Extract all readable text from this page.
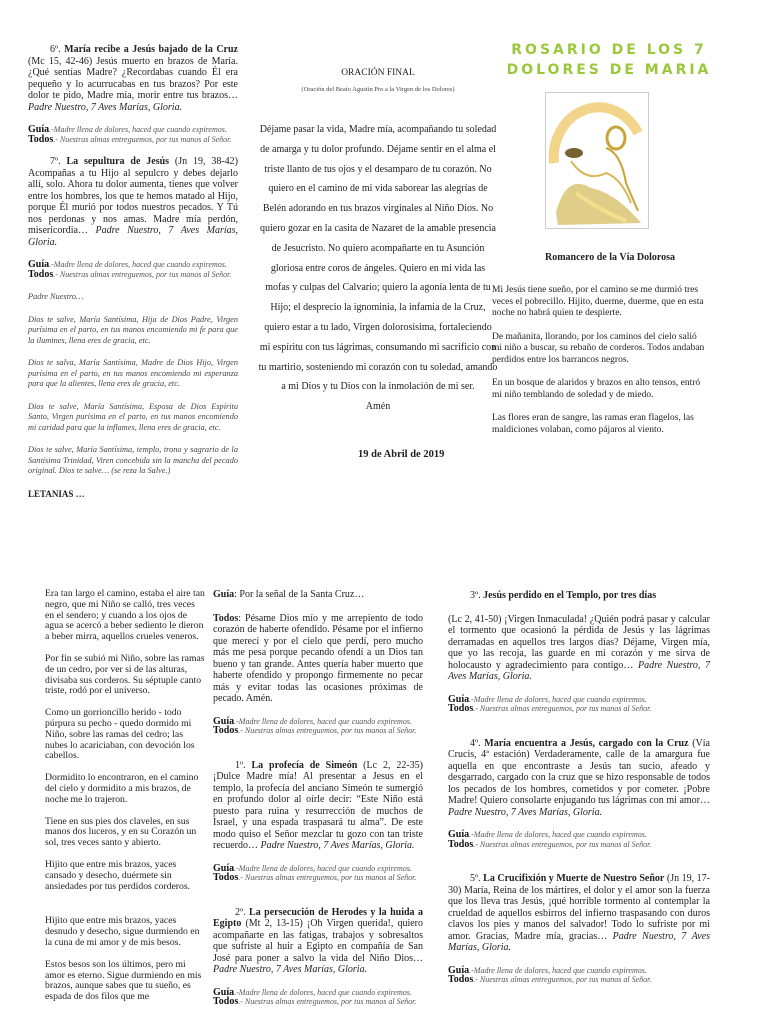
6º. María recibe a Jesús bajado de la Cruz (Mc 15, 42-46) Jesús muerto en brazos de María. ¿Qué sentías Madre? ¿Recordabas cuando Él era pequeño y lo acurrucabas en tus brazos? Por este dolor te pido, Madre mía, morir entre tus brazos… Padre Nuestro, 7 Aves Marías, Gloria.

Guía.-Madre llena de dolores, haced que cuando expiremos.
Todos.- Nuestras almas entreguemos, por tus manos al Señor.

7º. La sepultura de Jesús (Jn 19, 38-42) Acompañas a tu Hijo al sepulcro y debes dejarlo allí, solo. Ahora tu dolor aumenta, tienes que volver entre los hombres, los que te hemos matado al Hijo, porque Él murió por todos nuestros pecados. Y Tú nos perdonas y nos amas. Madre mía perdón, misericordia… Padre Nuestro, 7 Aves Marías, Gloria.

Guía.-Madre llena de dolores, haced que cuando expiremos.
Todos.- Nuestras almas entreguemos, por tus manos al Señor.

Padre Nuestro…

Dios te salve, María Santísima, Hija de Dios Padre, Virgen purísima en el parto, en tus manos encomiendo mi fe para que la ilumines, llena eres de gracia, etc.

Dios te salva, María Santísima, Madre de Dios Hijo, Virgen purísima en el parto, en tus manos encomiendo mi esperanza para que la alientes, llena eres de gracia, etc.

Dios te salve, María Santísima, Esposa de Dios Espíritu Santo, Virgen purísima en el parto, en tus manos encomiendo mi caridad para que la inflames, llena eres de gracia, etc.

Dios te salve, María Santísima, templo, trono y sagrario de la Santísima Trinidad, Viren concebida sin la mancha del pecado original. Dios te salve… (se reza la Salve.)

LETANIAS …
ORACIÓN FINAL
(Oración del Beato Agustín Pro a la Virgen de los Dolores)
Déjame pasar la vida, Madre mía, acompañando tu soledad de amarga y tu dolor profundo. Déjame sentir en el alma el triste llanto de tus ojos y el desamparo de tu corazón. No quiero en el camino de mi vida saborear las alegrías de Belén adorando en tus brazos virginales al Niño Dios. No quiero gozar en la casita de Nazaret de la amable presencia de Jesucristo. No quiero acompañarte en tu Asunción gloriosa entre coros de ángeles. Quiero en mi vida las mofas y culpas del Calvario; quiero la agonía lenta de tu Hijo; el desprecio la ignominia, la infamia de la Cruz, quiero estar a tu lado, Virgen dolorosísima, fortaleciendo mi espíritu con tus lágrimas, consumando mi sacrificio con tu martirio, sosteniendo mi corazón con tu soledad, amando a mi Dios y tu Dios con la inmolación de mi ser.
Amén
19 de Abril de 2019
ROSARIO DE LOS 7
DOLORES DE MARIA
Romancero de la Vía Dolorosa

Mi Jesús tiene sueño, por el camino se me durmió tres veces el pobrecillo. Hijito, duerme, duerme, que en esta noche no habrá quien te despierte.

De mañanita, llorando, por los caminos del cielo salió mi niño a buscar, su rebaño de corderos. Todos andaban perdidos entre los barrancos negros.

En un bosque de alaridos y brazos en alto tensos, entró mi niño temblando de soledad y de miedo.

Las flores eran de sangre, las ramas eran flagelos, las maldiciones volaban, como pájaros al viento.

Era tan largo el camino, estaba el aire tan negro, que mi Niño se calló, tres veces en el sendero; y cuando a los ojos de agua se acercó a beber sediento le dieron a beber mirra, aquellos crueles veneros.

Por fin se subió mi Niño, sobre las ramas de un cedro, por ver si de las alturas, divisaba sus corderos. Su séptuple canto triste, rodó por el universo.

Como un gorrioncillo herido - todo púrpura su pecho - quedo dormido mi Niño, sobre las ramas del cedro; las nubes lo acariciaban, con devoción los cabellos.

Dormidito lo encontraron, en el camino del cielo y dormidito a mis brazos, de noche me lo trajeron.

Tiene en sus pies dos claveles, en sus manos dos luceros, y en su Corazón un sol, tres veces santo y abierto.

Hijito que entre mis brazos, yaces cansado y desecho, duérmete sin ansiedades por tus perdidos corderos.

Hijito que entre mis brazos, yaces desnudo y desecho, sigue durmiendo en la cuna de mi amor y de mis besos.

Estos besos son los últimos, pero mi amor es eterno. Sigue durmiendo en mis brazos, aunque sabes que tu sueño, es espada de dos filos que me

Guía: Por la señal de la Santa Cruz…

Todos: Pésame Dios mío y me arrepiento de todo corazón de haberte ofendido. Pésame por el infierno que merecí y por el cielo que perdí, pero mucho más me pesa porque pecando ofendí a un Dios tan bueno y tan grande. Antes quería haber muerto que haberte ofendido y propongo firmemente no pecar más y evitar todas las ocasiones próximas de pecado. Amén.

Guía.-Madre llena de dolores, haced que cuando expiremos.
Todos.- Nuestras almas entreguemos, por tus manos al Señor.

1º. La profecía de Simeón (Lc 2, 22-35) ¡Dulce Madre mía! Al presentar a Jesus en el templo, la profecía del anciano Simeón te sumergió en profundo dolor al oírle decir: “Este Niño está puesto para ruina y resurrección de muchos de Israel, y una espada traspasará tu alma”. De este modo quiso el Señor mezclar tu gozo con tan triste recuerdo… Padre Nuestro, 7 Aves Marías, Gloria.

Guía.-Madre llena de dolores, haced que cuando expiremos.
Todos.- Nuestras almas entreguemos, por tus manos al Señor.

2º. La persecución de Herodes y la huida a Egipto (Mt 2, 13-15) ¡Oh Virgen querida!, quiero acompañarte en las fatigas, trabajos y sobresaltos que sufriste al huir a Egipto en compañía de San José para poner a salvo la vida del Niño Dios… Padre Nuestro, 7 Aves Marías, Gloria.

Guía.-Madre llena de dolores, haced que cuando expiremos.
Todos.- Nuestras almas entreguemos, por tus manos al Señor.

3º. Jesús perdido en el Templo, por tres días

(Lc 2, 41-50) ¡Virgen Inmaculada! ¿Quién podrá pasar y calcular el tormento que ocasionó la pérdida de Jesús y las lágrimas derramadas en aquellos tres largos días? Déjame, Virgen mía, que yo las recoja, las guarde en mi corazón y me sirva de holocausto y agradecimiento para contigo… Padre Nuestro, 7 Aves Marías, Gloria.

Guía.-Madre llena de dolores, haced que cuando expiremos.
Todos.- Nuestras almas entreguemos, por tus manos al Señor.

4º. María encuentra a Jesús, cargado con la Cruz (Vía Crucis, 4ª estación) Verdaderamente, calle de la amargura fue aquella en que encontraste a Jesús tan sucio, afeado y desgarrado, cargado con la cruz que se hizo responsable de todos los pecados de los hombres, cometidos y por cometer. ¡Pobre Madre! Quiero consolarte enjugando tus lágrimas con mi amor… Padre Nuestro, 7 Aves Marías, Gloria.

Guía.-Madre llena de dolores, haced que cuando expiremos.
Todos.- Nuestras almas entreguemos, por tus manos al Señor.

5º. La Crucifixión y Muerte de Nuestro Señor (Jn 19, 17-30) María, Reina de los mártires, el dolor y el amor son la fuerza que los lleva tras Jesús, ¡qué horrible tormento al contemplar la crueldad de aquellos esbirros del infierno traspasando con duros clavos los pies y manos del salvador! Todo lo sufriste por mi amor. Gracias, Madre mía, gracias… Padre Nuestro, 7 Aves Marías, Gloria.

Guía.-Madre llena de dolores, haced que cuando expiremos.
Todos.- Nuestras almas entreguemos, por tus manos al Señor.
